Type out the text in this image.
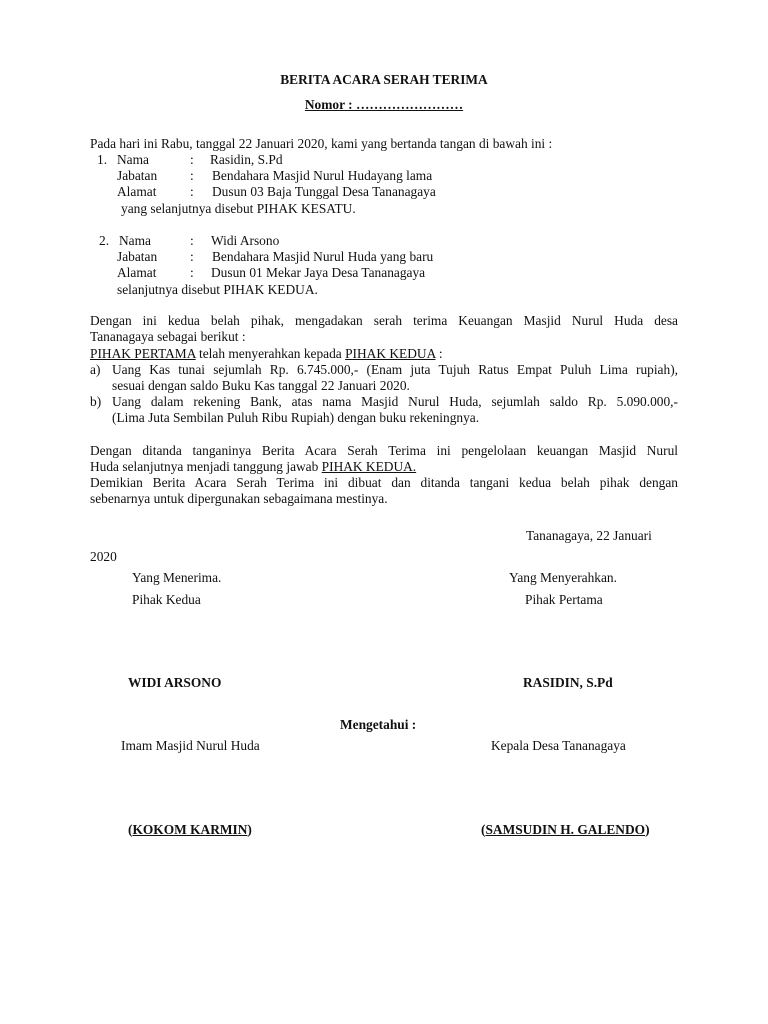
BERITA ACARA SERAH TERIMA
Nomor : ……………………
Pada hari ini Rabu, tanggal 22 Januari 2020, kami yang bertanda tangan di bawah ini :
1. Nama	: Rasidin, S.Pd
Jabatan : Bendahara Masjid Nurul Hudayang lama
Alamat	: Dusun 03 Baja Tunggal Desa Tananagaya
yang selanjutnya disebut PIHAK KESATU.
2. Nama	: Widi Arsono
Jabatan : Bendahara Masjid Nurul Huda yang baru
Alamat	: Dusun 01 Mekar Jaya Desa Tananagaya
selanjutnya disebut PIHAK KEDUA.
Dengan ini kedua belah pihak, mengadakan serah terima Keuangan Masjid Nurul Huda desa
Tananagaya sebagai berikut :
PIHAK PERTAMA telah menyerahkan kepada PIHAK KEDUA :
a) Uang Kas tunai sejumlah Rp. 6.745.000,- (Enam juta Tujuh Ratus Empat Puluh Lima rupiah),
sesuai dengan saldo Buku Kas tanggal 22 Januari 2020.
b) Uang dalam rekening Bank, atas nama Masjid Nurul Huda, sejumlah saldo Rp. 5.090.000,-
(Lima Juta Sembilan Puluh Ribu Rupiah) dengan buku rekeningnya.
Dengan ditanda tanganinya Berita Acara Serah Terima ini pengelolaan keuangan Masjid Nurul
Huda selanjutnya menjadi tanggung jawab PIHAK KEDUA.
Demikian Berita Acara Serah Terima ini dibuat dan ditanda tangani kedua belah pihak dengan
sebenarnya untuk dipergunakan sebagaimana mestinya.
Tananagaya, 22 Januari
2020
Yang Menerima.
Pihak Kedua
WIDI ARSONO
Yang Menyerahkan.
Pihak Pertama
RASIDIN, S.Pd
Mengetahui :
Imam Masjid Nurul Huda
(KOKOM KARMIN)
Kepala Desa Tananagaya
(SAMSUDIN H. GALENDO)
